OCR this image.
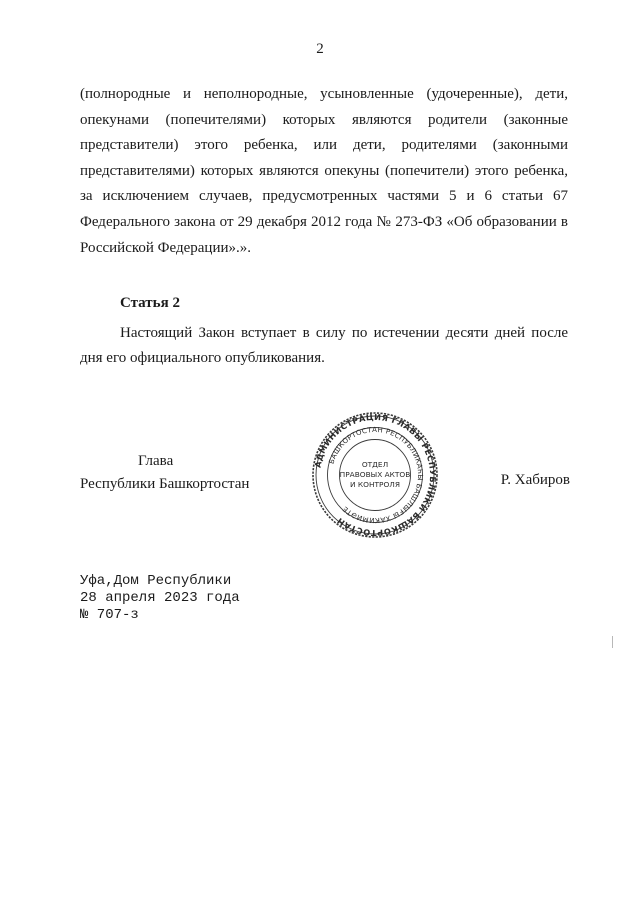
2

(полнородные и неполнородные, усыновленные (удочеренные), дети, опекунами (попечителями) которых являются родители (законные представители) этого ребенка, или дети, родителями (законными представителями) которых являются опекуны (попечители) этого ребенка, за исключением случаев, предусмотренных частями 5 и 6 статьи 67 Федерального закона от 29 декабря 2012 года № 273-ФЗ «Об образовании в Российской Федерации».».

Статья 2

Настоящий Закон вступает в силу по истечении десяти дней после дня его официального опубликования.

Глава
Республики Башкортостан
АДМИНИСТРАЦИЯ ГЛАВЫ РЕСПУБЛИКИ БАШКОРТОСТАН
БАШКОРТОСТАН РЕСПУБЛИКАҺЫ БАШЛЫҒЫ ХАКИМИӘТЕ
ОТДЕЛ
ПРАВОВЫХ АКТОВ
И КОНТРОЛЯ	Р. Хабиров
Уфа,Дом Республики
28 апреля 2023 года
№ 707-з
